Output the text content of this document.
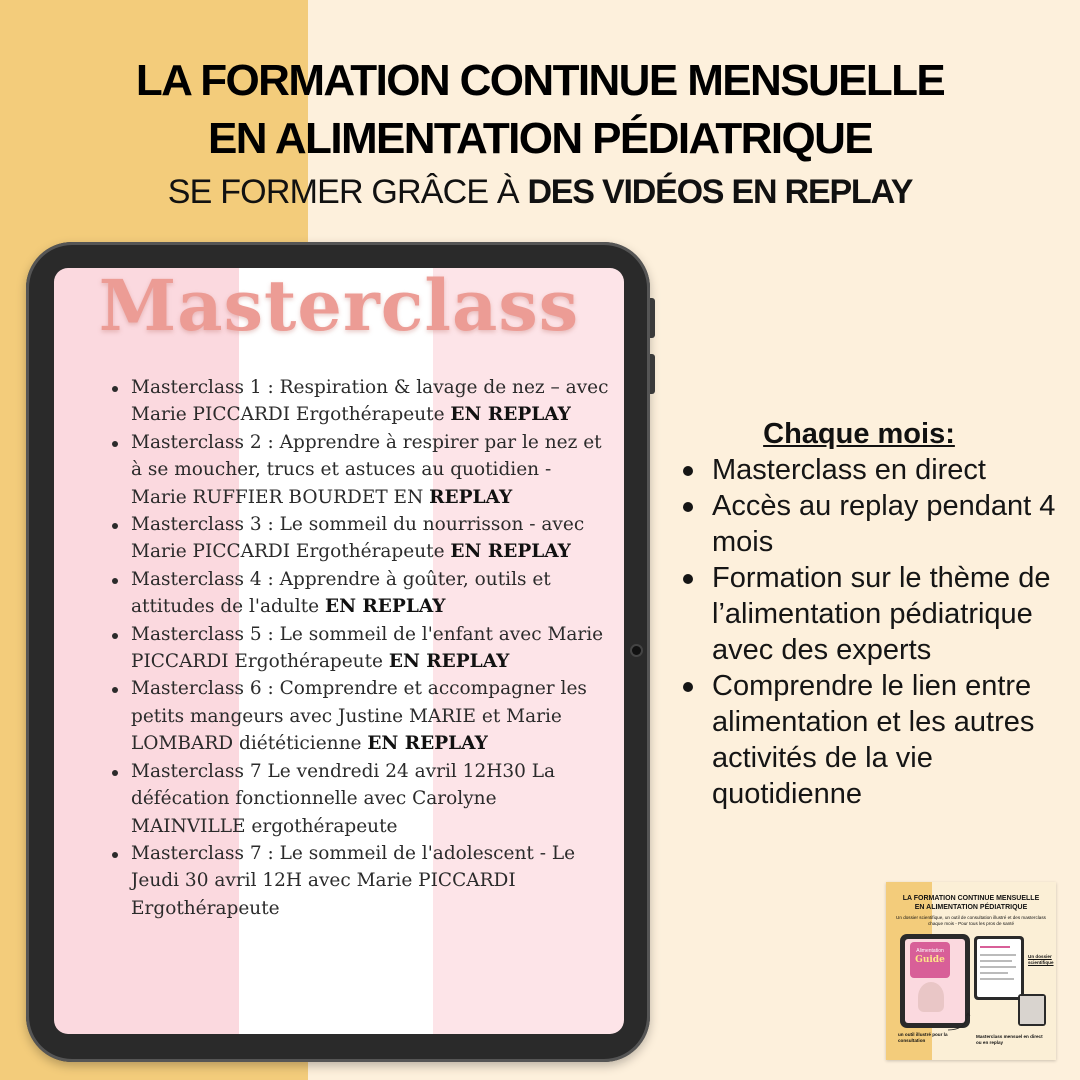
LA FORMATION CONTINUE MENSUELLE
EN ALIMENTATION PÉDIATRIQUE
SE FORMER GRÂCE À DES VIDÉOS EN REPLAY
Masterclass
Masterclass 1 : Respiration & lavage de nez – avec Marie PICCARDI Ergothérapeute EN REPLAY
Masterclass 2 : Apprendre à respirer par le nez et à se moucher, trucs et astuces au quotidien - Marie RUFFIER BOURDET EN REPLAY
Masterclass 3 : Le sommeil du nourrisson - avec Marie PICCARDI Ergothérapeute EN REPLAY
Masterclass 4 : Apprendre à goûter, outils et attitudes de l'adulte EN REPLAY
Masterclass 5 : Le sommeil de l'enfant avec Marie PICCARDI Ergothérapeute EN REPLAY
Masterclass 6 : Comprendre et accompagner les petits mangeurs avec Justine MARIE et Marie LOMBARD diététicienne EN REPLAY
Masterclass 7 Le vendredi 24 avril 12H30 La défécation fonctionnelle avec Carolyne MAINVILLE ergothérapeute
Masterclass 7 : Le sommeil de l'adolescent - Le Jeudi 30 avril 12H avec Marie PICCARDI Ergothérapeute
Chaque mois:
Masterclass en direct
Accès au replay pendant 4 mois
Formation sur le thème de l’alimentation pédiatrique avec des experts
Comprendre le lien entre alimentation et les autres activités de la vie quotidienne
LA FORMATION CONTINUE MENSUELLE
EN ALIMENTATION PÉDIATRIQUE
Un dossier scientifique, un outil de consultation illustré et des masterclass chaque mois - Pour tous les pros de santé
Alimentation
Guide	Un dossier scientifique
un outil illustré pour la consultation
Masterclass mensuel en direct ou en replay
